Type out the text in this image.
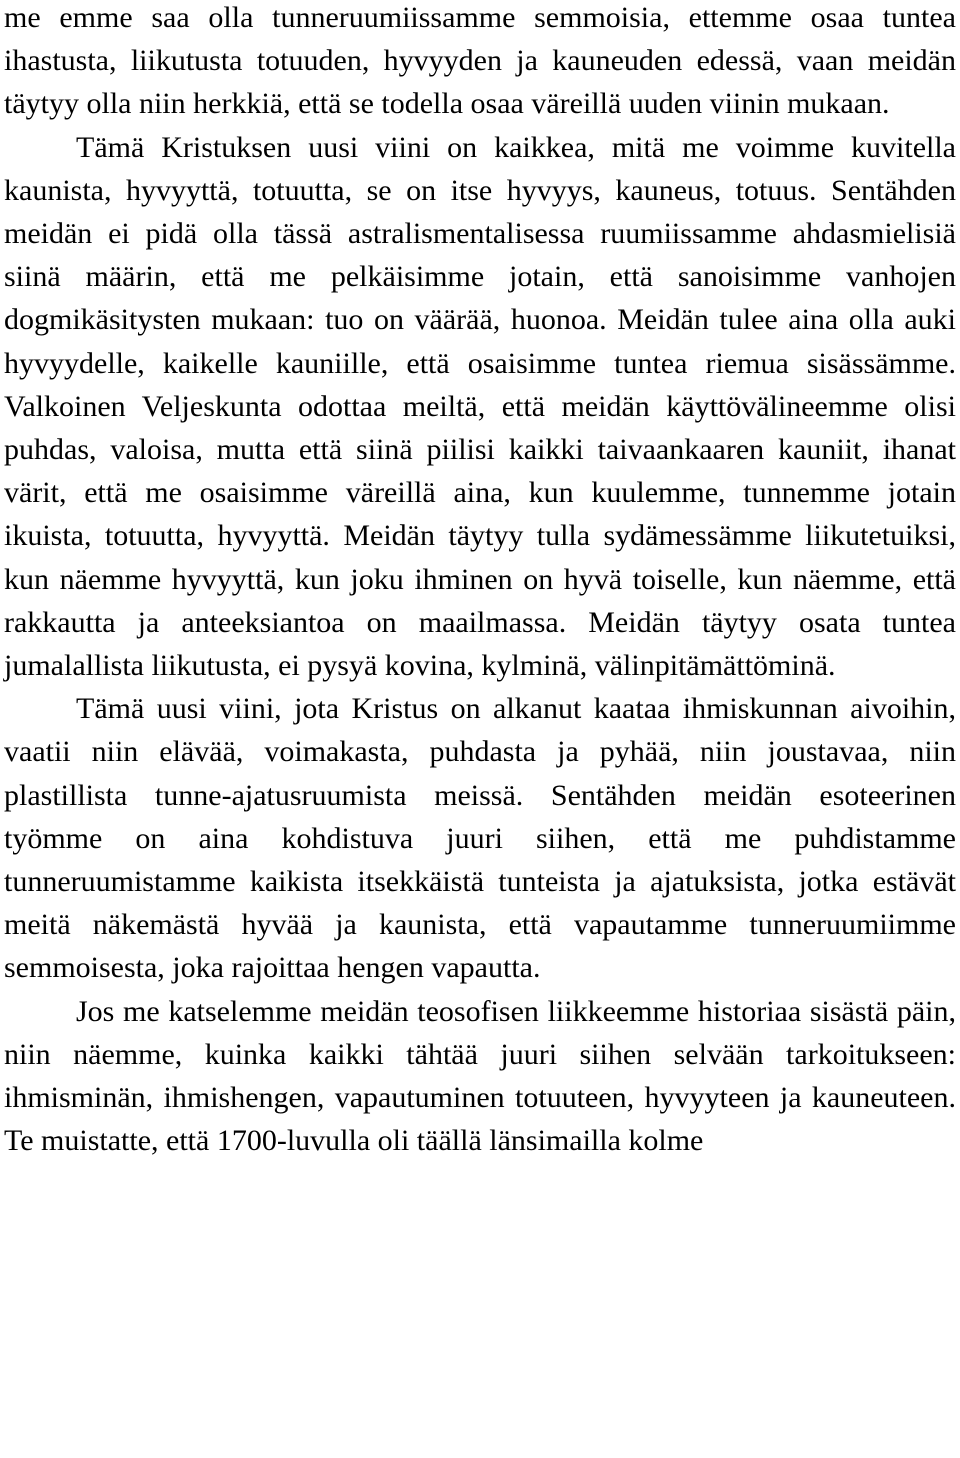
me emme saa olla tunneruumiissamme semmoisia, ettemme osaa tuntea ihastusta, liikutusta totuuden, hyvyyden ja kauneuden edessä, vaan meidän täytyy olla niin herkkiä, että se todella osaa väreillä uuden viinin mukaan.

Tämä Kristuksen uusi viini on kaikkea, mitä me voimme kuvitella kaunista, hyvyyttä, totuutta, se on itse hyvyys, kauneus, totuus. Sentähden meidän ei pidä olla tässä astralismentalisessa ruumiissamme ahdasmielisiä siinä määrin, että me pelkäisimme jotain, että sanoisimme vanhojen dogmikäsitysten mukaan: tuo on väärää, huonoa. Meidän tulee aina olla auki hyvyydelle, kaikelle kauniille, että osaisimme tuntea riemua sisässämme. Valkoinen Veljeskunta odottaa meiltä, että meidän käyttövälineemme olisi puhdas, valoisa, mutta että siinä piilisi kaikki taivaankaaren kauniit, ihanat värit, että me osaisimme väreillä aina, kun kuulemme, tunnemme jotain ikuista, totuutta, hyvyyttä. Meidän täytyy tulla sydämessämme liikutetuiksi, kun näemme hyvyyttä, kun joku ihminen on hyvä toiselle, kun näemme, että rakkautta ja anteeksiantoa on maailmassa. Meidän täytyy osata tuntea jumalallista liikutusta, ei pysyä kovina, kylminä, välinpitämättöminä.

Tämä uusi viini, jota Kristus on alkanut kaataa ihmiskunnan aivoihin, vaatii niin elävää, voimakasta, puhdasta ja pyhää, niin joustavaa, niin plastillista tunne-ajatusruumista meissä. Sentähden meidän esoteerinen työmme on aina kohdistuva juuri siihen, että me puhdistamme tunneruumistamme kaikista itsekkäistä tunteista ja ajatuksista, jotka estävät meitä näkemästä hyvää ja kaunista, että vapautamme tunneruumiimme semmoisesta, joka rajoittaa hengen vapautta.

Jos me katselemme meidän teosofisen liikkeemme historiaa sisästä päin, niin näemme, kuinka kaikki tähtää juuri siihen selvään tarkoitukseen: ihmisminän, ihmishengen, vapautuminen totuuteen, hyvyyteen ja kauneuteen. Te muistatte, että 1700-luvulla oli täällä länsimailla kolme
